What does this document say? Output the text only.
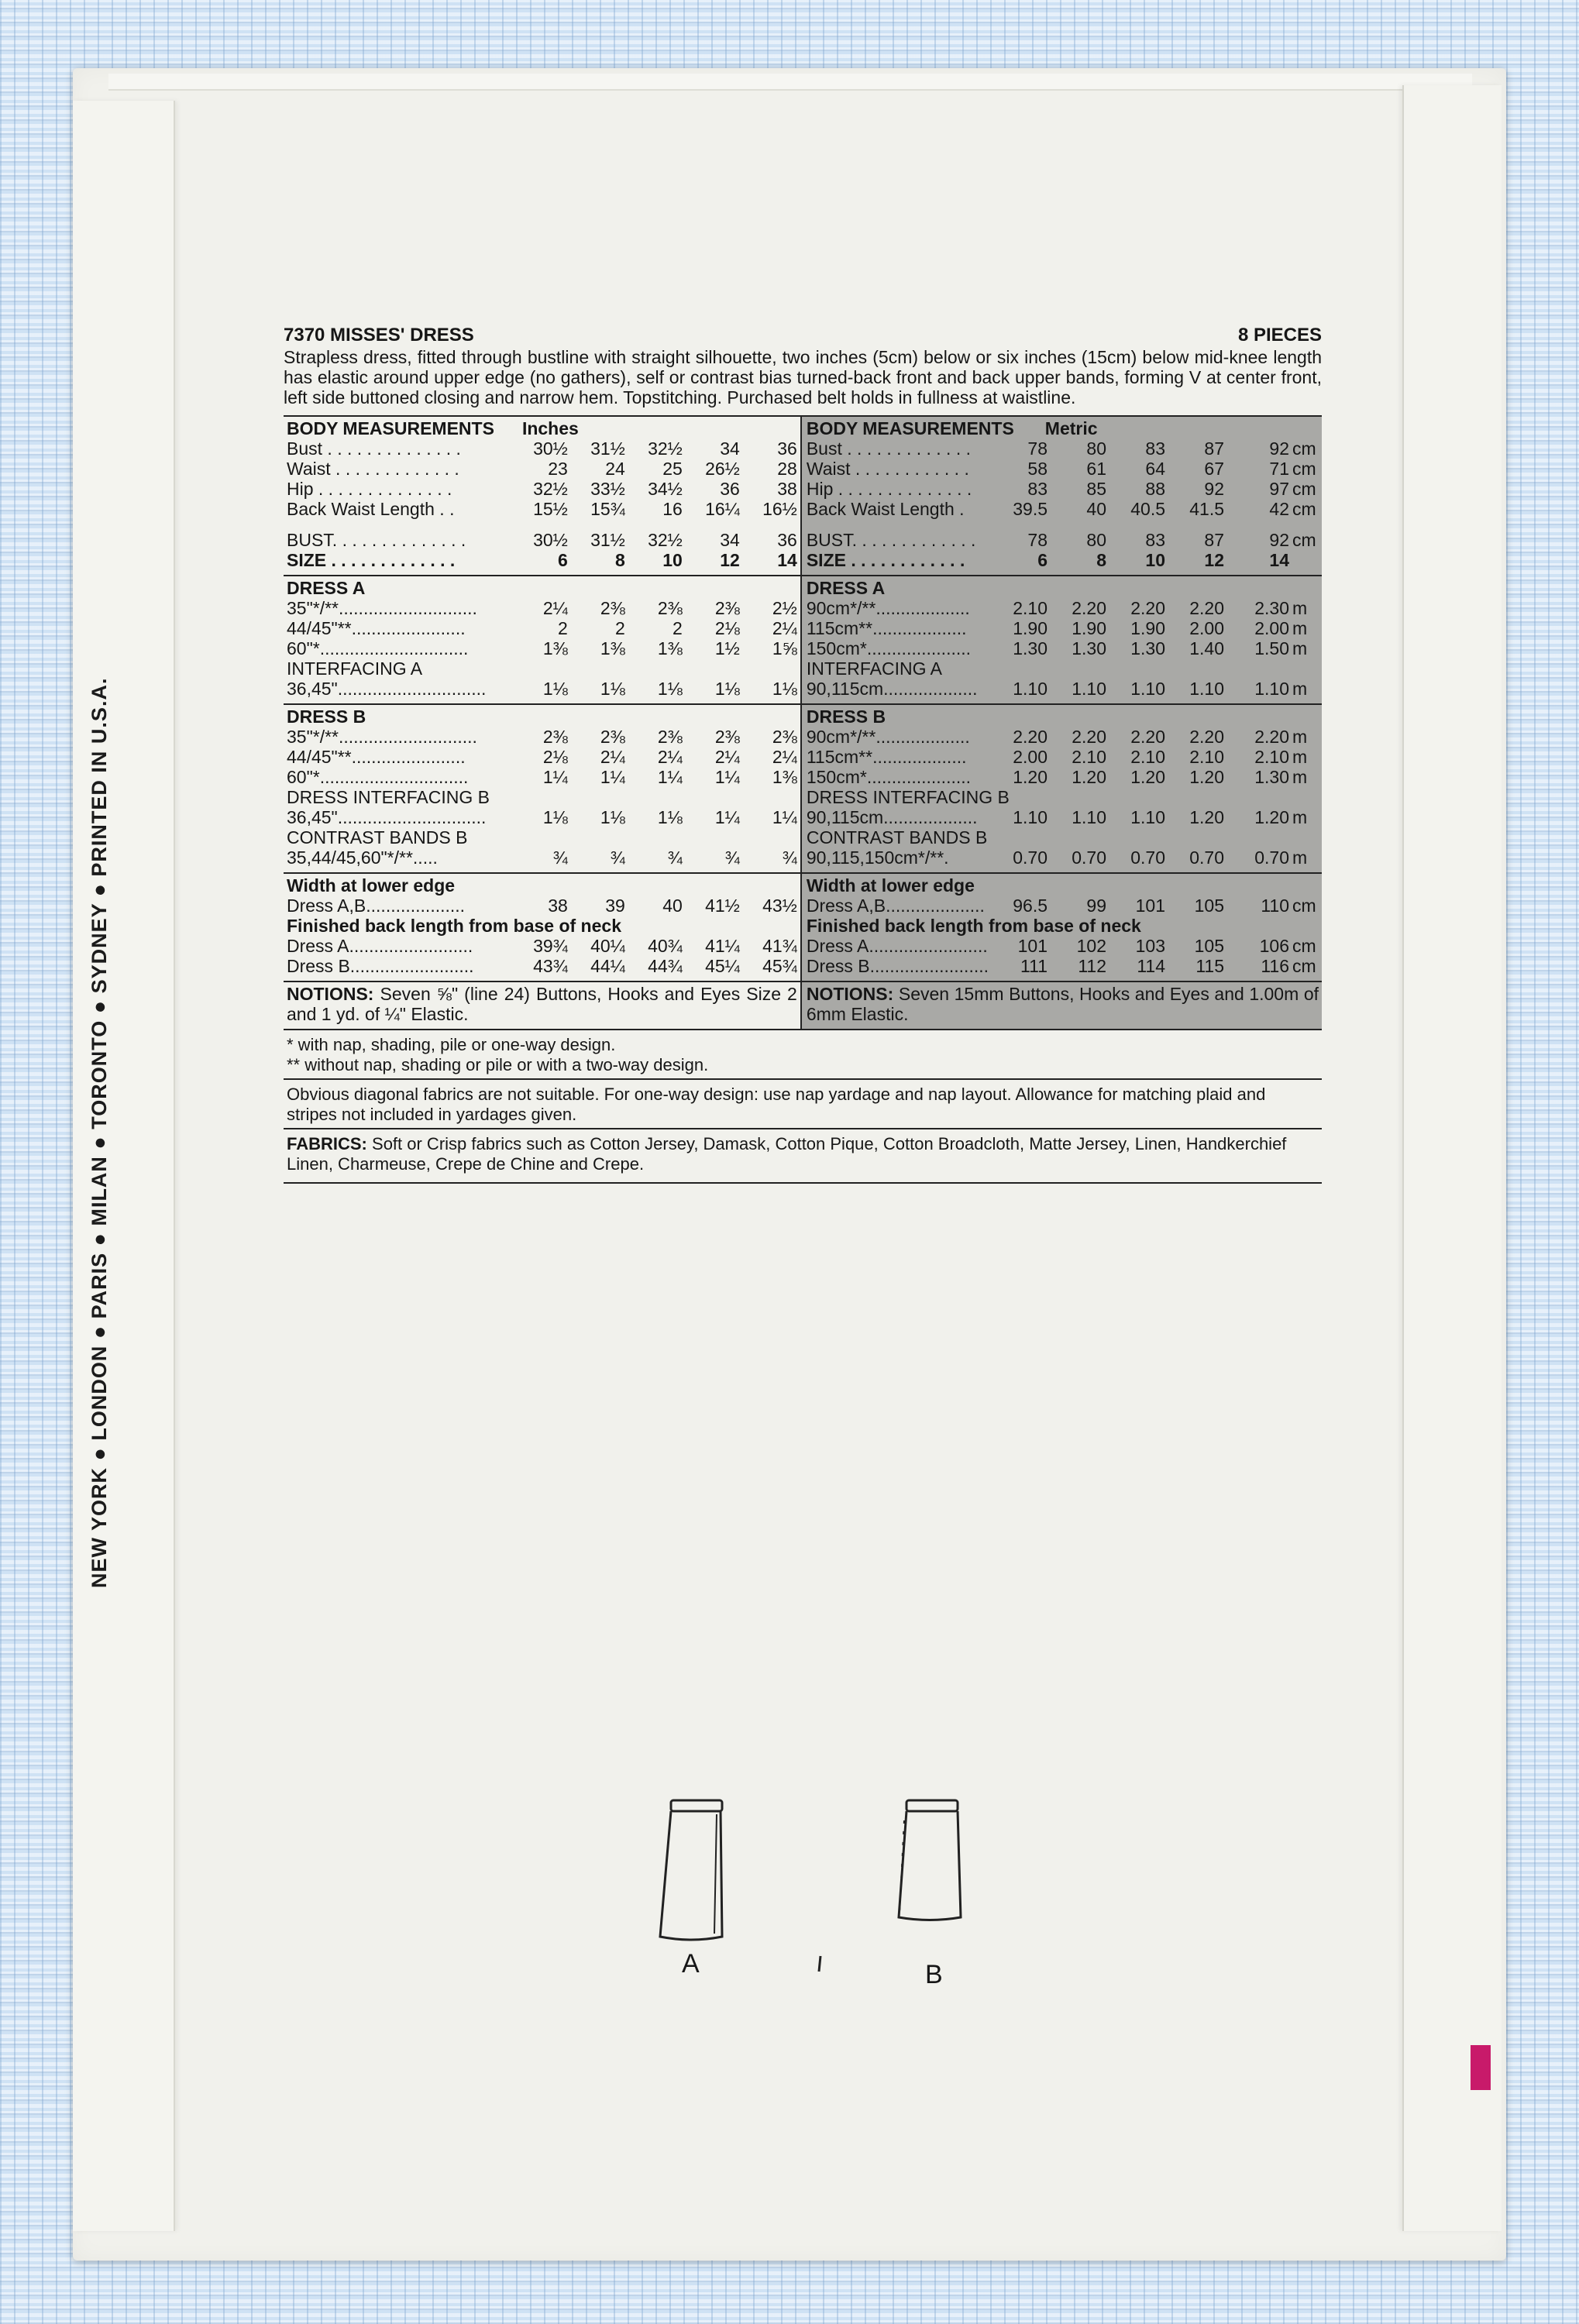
NEW YORK ● LONDON ● PARIS ● MILAN ● TORONTO ● SYDNEY ● PRINTED IN U.S.A.
7370 MISSES' DRESS	8 PIECES
Strapless dress, fitted through bustline with straight silhouette, two inches (5cm) below or six inches (15cm) below mid-knee length has elastic around upper edge (no gathers), self or contrast bias turned-back front and back upper bands, forming V at center front, left side buttoned closing and narrow hem. Topstitching. Purchased belt holds in fullness at waistline.
BODY MEASUREMENTS Inches
Bust . . . . . . . . . . . . . .	30½	31½	32½	34	36
Waist . . . . . . . . . . . . .	23	24	25	26½	28
Hip . . . . . . . . . . . . . .	32½	33½	34½	36	38
Back Waist Length . .	15½	15¾	16	16¼	16½
BUST. . . . . . . . . . . . . .	30½	31½	32½	34	36
SIZE . . . . . . . . . . . . .	6	8	10	12	14
DRESS A
35"*/**............................	2¼	2⅜	2⅜	2⅜	2½
44/45"**.......................	2	2	2	2⅛	2¼
60"*..............................	1⅜	1⅜	1⅜	1½	1⅝
INTERFACING A
36,45"..............................	1⅛	1⅛	1⅛	1⅛	1⅛
DRESS B
35"*/**............................	2⅜	2⅜	2⅜	2⅜	2⅜
44/45"**.......................	2⅛	2¼	2¼	2¼	2¼
60"*..............................	1¼	1¼	1¼	1¼	1⅜
DRESS INTERFACING B
36,45"..............................	1⅛	1⅛	1⅛	1¼	1¼
CONTRAST BANDS B
35,44/45,60"*/**.....	¾	¾	¾	¾	¾
Width at lower edge
Dress A,B....................	38	39	40	41½	43½
Finished back length from base of neck
Dress A.........................	39¾	40¼	40¾	41¼	41¾
Dress B.........................	43¾	44¼	44¾	45¼	45¾
NOTIONS: Seven ⅝" (line 24) Buttons, Hooks and Eyes Size 2 and 1 yd. of ¼" Elastic.
BODY MEASUREMENTS Metric
Bust . . . . . . . . . . . . .	78	80	83	87	92 cm
Waist . . . . . . . . . . . .	58	61	64	67	71 cm
Hip . . . . . . . . . . . . . .	83	85	88	92	97 cm
Back Waist Length .	39.5	40	40.5	41.5	42 cm
BUST. . . . . . . . . . . . .	78	80	83	87	92 cm
SIZE . . . . . . . . . . . .	6	8	10	12	14
DRESS A
90cm*/**...................	2.10	2.20	2.20	2.20	2.30 m
115cm**...................	1.90	1.90	1.90	2.00	2.00 m
150cm*.....................	1.30	1.30	1.30	1.40	1.50 m
INTERFACING A
90,115cm...................	1.10	1.10	1.10	1.10	1.10 m
DRESS B
90cm*/**...................	2.20	2.20	2.20	2.20	2.20 m
115cm**...................	2.00	2.10	2.10	2.10	2.10 m
150cm*.....................	1.20	1.20	1.20	1.20	1.30 m
DRESS INTERFACING B
90,115cm...................	1.10	1.10	1.10	1.20	1.20 m
CONTRAST BANDS B
90,115,150cm*/**.	0.70	0.70	0.70	0.70	0.70 m
Width at lower edge
Dress A,B....................	96.5	99	101	105	110 cm
Finished back length from base of neck
Dress A........................	101	102	103	105	106 cm
Dress B........................	111	112	114	115	116 cm
NOTIONS: Seven 15mm Buttons, Hooks and Eyes and 1.00m of 6mm Elastic.
* with nap, shading, pile or one-way design.
** without nap, shading or pile or with a two-way design.

Obvious diagonal fabrics are not suitable. For one-way design: use nap yardage and nap layout. Allowance for matching plaid and stripes not included in yardages given.

FABRICS: Soft or Crisp fabrics such as Cotton Jersey, Damask, Cotton Pique, Cotton Broadcloth, Matte Jersey, Linen, Handkerchief Linen, Charmeuse, Crepe de Chine and Crepe.

A	B
